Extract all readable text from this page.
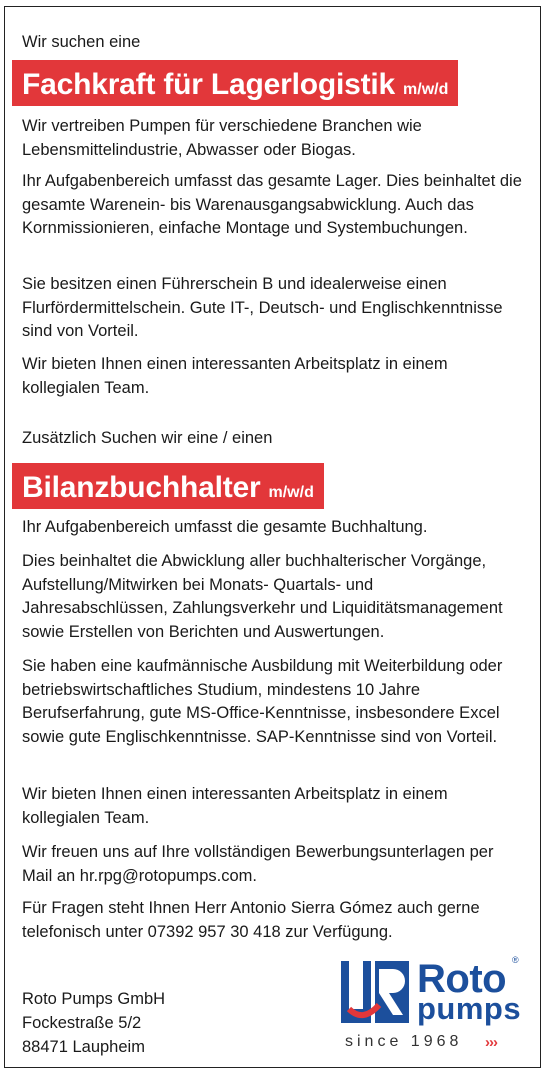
Wir suchen eine
Fachkraft für Lagerlogistik m/w/d

Wir vertreiben Pumpen für verschiedene Branchen wie Lebensmittelindustrie, Abwasser oder Biogas.

Ihr Aufgabenbereich umfasst das gesamte Lager. Dies beinhaltet die gesamte Warenein- bis Warenausgangsabwicklung. Auch das Kornmissionieren, einfache Montage und Systembuchungen.

Sie besitzen einen Führerschein B und idealerweise einen Flurfördermittelschein. Gute IT-, Deutsch- und Englischkenntnisse sind von Vorteil.

Wir bieten Ihnen einen interessanten Arbeitsplatz in einem kollegialen Team.

Zusätzlich Suchen wir eine / einen
Bilanzbuchhalter m/w/d

Ihr Aufgabenbereich umfasst die gesamte Buchhaltung.

Dies beinhaltet die Abwicklung aller buchhalterischer Vorgänge, Aufstellung/Mitwirken bei Monats- Quartals- und Jahresabschlüssen, Zahlungsverkehr und Liquiditätsmanagement sowie Erstellen von Berichten und Auswertungen.

Sie haben eine kaufmännische Ausbildung mit Weiterbildung oder betriebswirtschaftliches Studium, mindestens 10 Jahre Berufserfahrung, gute MS-Office-Kenntnisse, insbesondere Excel sowie gute Englischkenntnisse. SAP-Kenntnisse sind von Vorteil.

Wir bieten Ihnen einen interessanten Arbeitsplatz in einem kollegialen Team.

Wir freuen uns auf Ihre vollständigen Bewerbungsunterlagen per Mail an hr.rpg@rotopumps.com.

Für Fragen steht Ihnen Herr Antonio Sierra Gómez auch gerne telefonisch unter 07392 957 30 418 zur Verfügung.

Roto Pumps GmbH
Fockestraße 5/2
88471 Laupheim
Roto ®
pumps
since 1968 ›››
